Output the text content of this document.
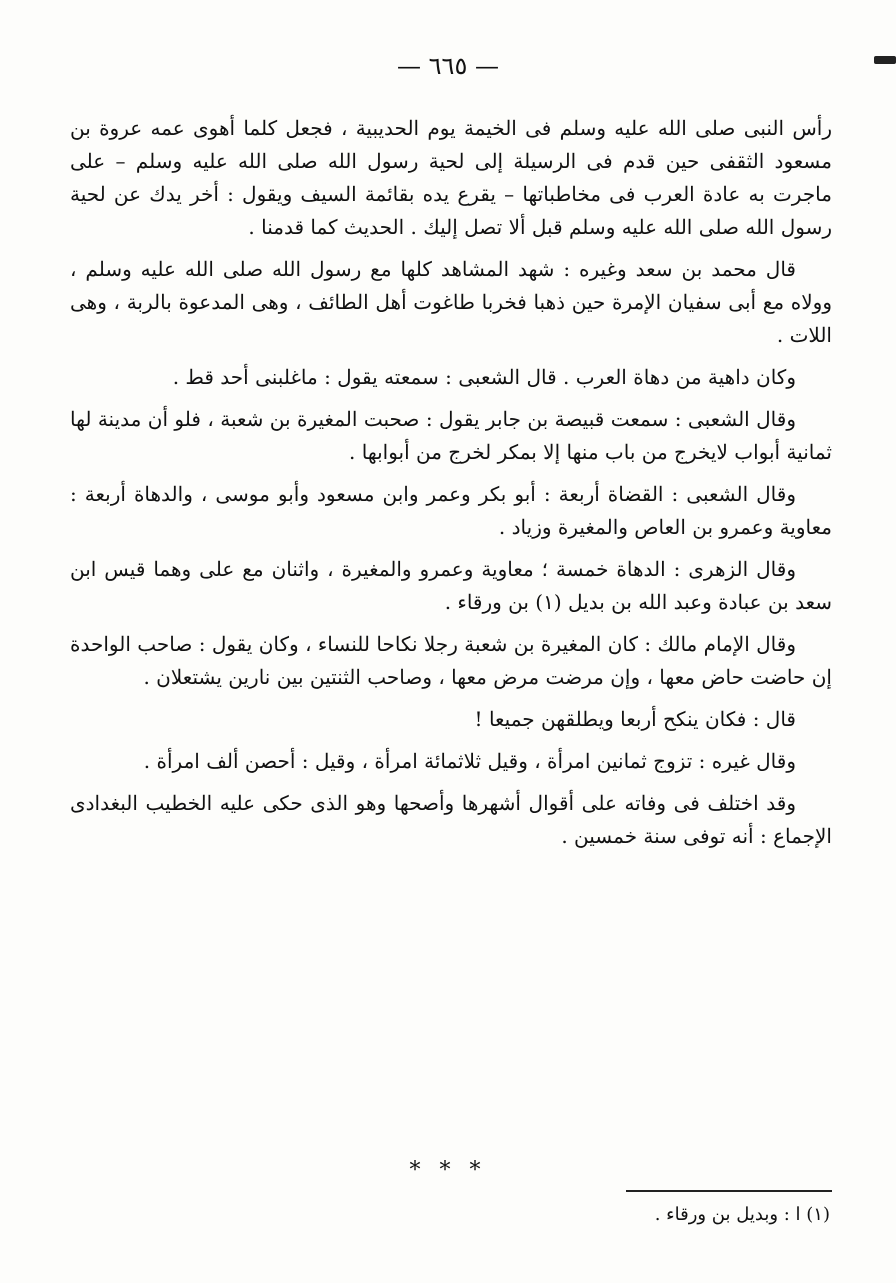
— ٦٦٥ —

رأس النبى صلى الله عليه وسلم فى الخيمة يوم الحديبية ، فجعل كلما أهوى عمه عروة بن مسعود الثقفى حين قدم فى الرسيلة إلى لحية رسول الله صلى الله عليه وسلم – على ماجرت به عادة العرب فى مخاطباتها – يقرع يده بقائمة السيف ويقول : أخر يدك عن لحية رسول الله صلى الله عليه وسلم قبل ألا تصل إليك . الحديث كما قدمنا .

قال محمد بن سعد وغيره : شهد المشاهد كلها مع رسول الله صلى الله عليه وسلم ، وولاه مع أبى سفيان الإمرة حين ذهبا فخربا طاغوت أهل الطائف ، وهى المدعوة بالربة ، وهى اللات .

وكان داهية من دهاة العرب . قال الشعبى : سمعته يقول : ماغلبنى أحد قط .

وقال الشعبى : سمعت قبيصة بن جابر يقول : صحبت المغيرة بن شعبة ، فلو أن مدينة لها ثمانية أبواب لايخرج من باب منها إلا بمكر لخرج من أبوابها .

وقال الشعبى : القضاة أربعة : أبو بكر وعمر وابن مسعود وأبو موسى ، والدهاة أربعة : معاوية وعمرو بن العاص والمغيرة وزياد .

وقال الزهرى : الدهاة خمسة ؛ معاوية وعمرو والمغيرة ، واثنان مع على وهما قيس ابن سعد بن عبادة وعبد الله بن بديل (١) بن ورقاء .

وقال الإمام مالك : كان المغيرة بن شعبة رجلا نكاحا للنساء ، وكان يقول : صاحب الواحدة إن حاضت حاض معها ، وإن مرضت مرض معها ، وصاحب الثنتين بين نارين يشتعلان .

قال : فكان ينكح أربعا ويطلقهن جميعا !

وقال غيره : تزوج ثمانين امرأة ، وقيل ثلاثمائة امرأة ، وقيل : أحصن ألف امرأة .

وقد اختلف فى وفاته على أقوال أشهرها وأصحها وهو الذى حكى عليه الخطيب البغدادى الإجماع : أنه توفى سنة خمسين .

* * *
(١) ا : وبديل بن ورقاء .
